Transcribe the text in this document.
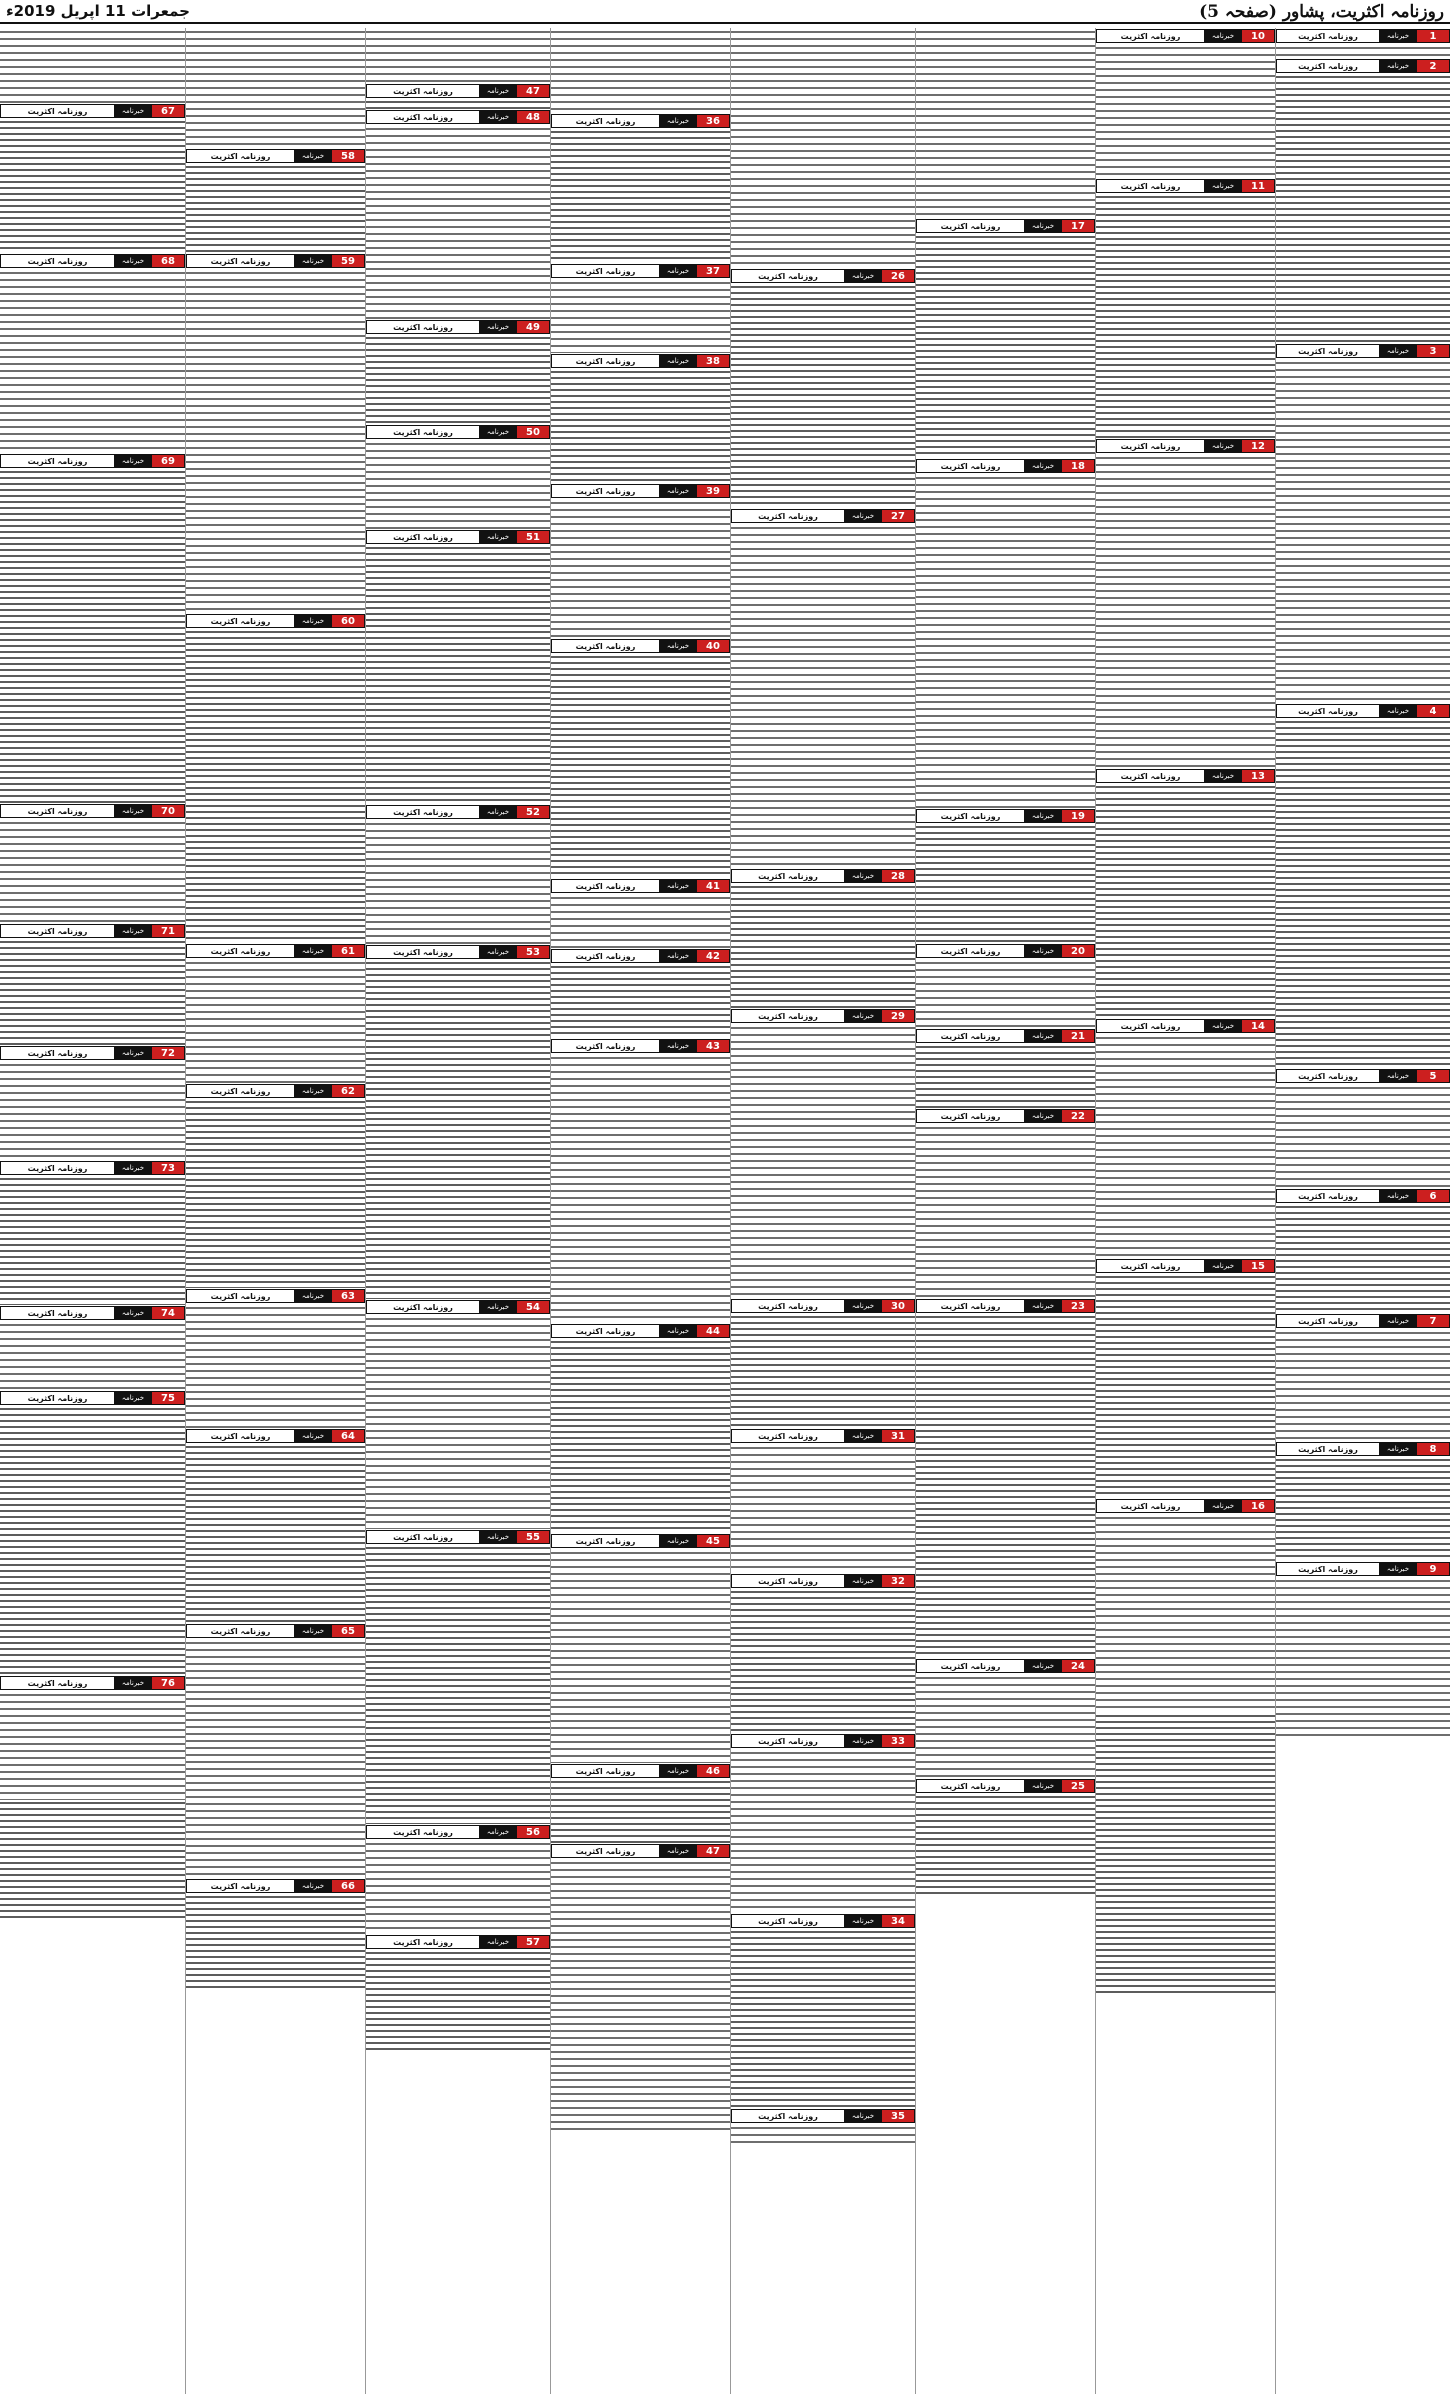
روزنامہ اکثریت، پشاور (صفحہ 5)
جمعرات 11 اپریل 2019ء
1
خبرنامہ
روزنامہ اکثریت
2
خبرنامہ
روزنامہ اکثریت
3
خبرنامہ
روزنامہ اکثریت
4
خبرنامہ
روزنامہ اکثریت
5
خبرنامہ
روزنامہ اکثریت
6
خبرنامہ
روزنامہ اکثریت
7
خبرنامہ
روزنامہ اکثریت
8
خبرنامہ
روزنامہ اکثریت
9
خبرنامہ
روزنامہ اکثریت
10
خبرنامہ
روزنامہ اکثریت
11
خبرنامہ
روزنامہ اکثریت
12
خبرنامہ
روزنامہ اکثریت
13
خبرنامہ
روزنامہ اکثریت
14
خبرنامہ
روزنامہ اکثریت
15
خبرنامہ
روزنامہ اکثریت
16
خبرنامہ
روزنامہ اکثریت
17
خبرنامہ
روزنامہ اکثریت
18
خبرنامہ
روزنامہ اکثریت
19
خبرنامہ
روزنامہ اکثریت
20
خبرنامہ
روزنامہ اکثریت
21
خبرنامہ
روزنامہ اکثریت
22
خبرنامہ
روزنامہ اکثریت
23
خبرنامہ
روزنامہ اکثریت
24
خبرنامہ
روزنامہ اکثریت
25
خبرنامہ
روزنامہ اکثریت
26
خبرنامہ
روزنامہ اکثریت
27
خبرنامہ
روزنامہ اکثریت
28
خبرنامہ
روزنامہ اکثریت
29
خبرنامہ
روزنامہ اکثریت
30
خبرنامہ
روزنامہ اکثریت
31
خبرنامہ
روزنامہ اکثریت
32
خبرنامہ
روزنامہ اکثریت
33
خبرنامہ
روزنامہ اکثریت
34
خبرنامہ
روزنامہ اکثریت
35
خبرنامہ
روزنامہ اکثریت
36
خبرنامہ
روزنامہ اکثریت
37
خبرنامہ
روزنامہ اکثریت
38
خبرنامہ
روزنامہ اکثریت
39
خبرنامہ
روزنامہ اکثریت
40
خبرنامہ
روزنامہ اکثریت
41
خبرنامہ
روزنامہ اکثریت
42
خبرنامہ
روزنامہ اکثریت
43
خبرنامہ
روزنامہ اکثریت
44
خبرنامہ
روزنامہ اکثریت
45
خبرنامہ
روزنامہ اکثریت
46
خبرنامہ
روزنامہ اکثریت
47
خبرنامہ
روزنامہ اکثریت
47
خبرنامہ
روزنامہ اکثریت
48
خبرنامہ
روزنامہ اکثریت
49
خبرنامہ
روزنامہ اکثریت
50
خبرنامہ
روزنامہ اکثریت
51
خبرنامہ
روزنامہ اکثریت
52
خبرنامہ
روزنامہ اکثریت
53
خبرنامہ
روزنامہ اکثریت
54
خبرنامہ
روزنامہ اکثریت
55
خبرنامہ
روزنامہ اکثریت
56
خبرنامہ
روزنامہ اکثریت
57
خبرنامہ
روزنامہ اکثریت
58
خبرنامہ
روزنامہ اکثریت
59
خبرنامہ
روزنامہ اکثریت
60
خبرنامہ
روزنامہ اکثریت
61
خبرنامہ
روزنامہ اکثریت
62
خبرنامہ
روزنامہ اکثریت
63
خبرنامہ
روزنامہ اکثریت
64
خبرنامہ
روزنامہ اکثریت
65
خبرنامہ
روزنامہ اکثریت
66
خبرنامہ
روزنامہ اکثریت
67
خبرنامہ
روزنامہ اکثریت
68
خبرنامہ
روزنامہ اکثریت
69
خبرنامہ
روزنامہ اکثریت
70
خبرنامہ
روزنامہ اکثریت
71
خبرنامہ
روزنامہ اکثریت
72
خبرنامہ
روزنامہ اکثریت
73
خبرنامہ
روزنامہ اکثریت
74
خبرنامہ
روزنامہ اکثریت
75
خبرنامہ
روزنامہ اکثریت
76
خبرنامہ
روزنامہ اکثریت
